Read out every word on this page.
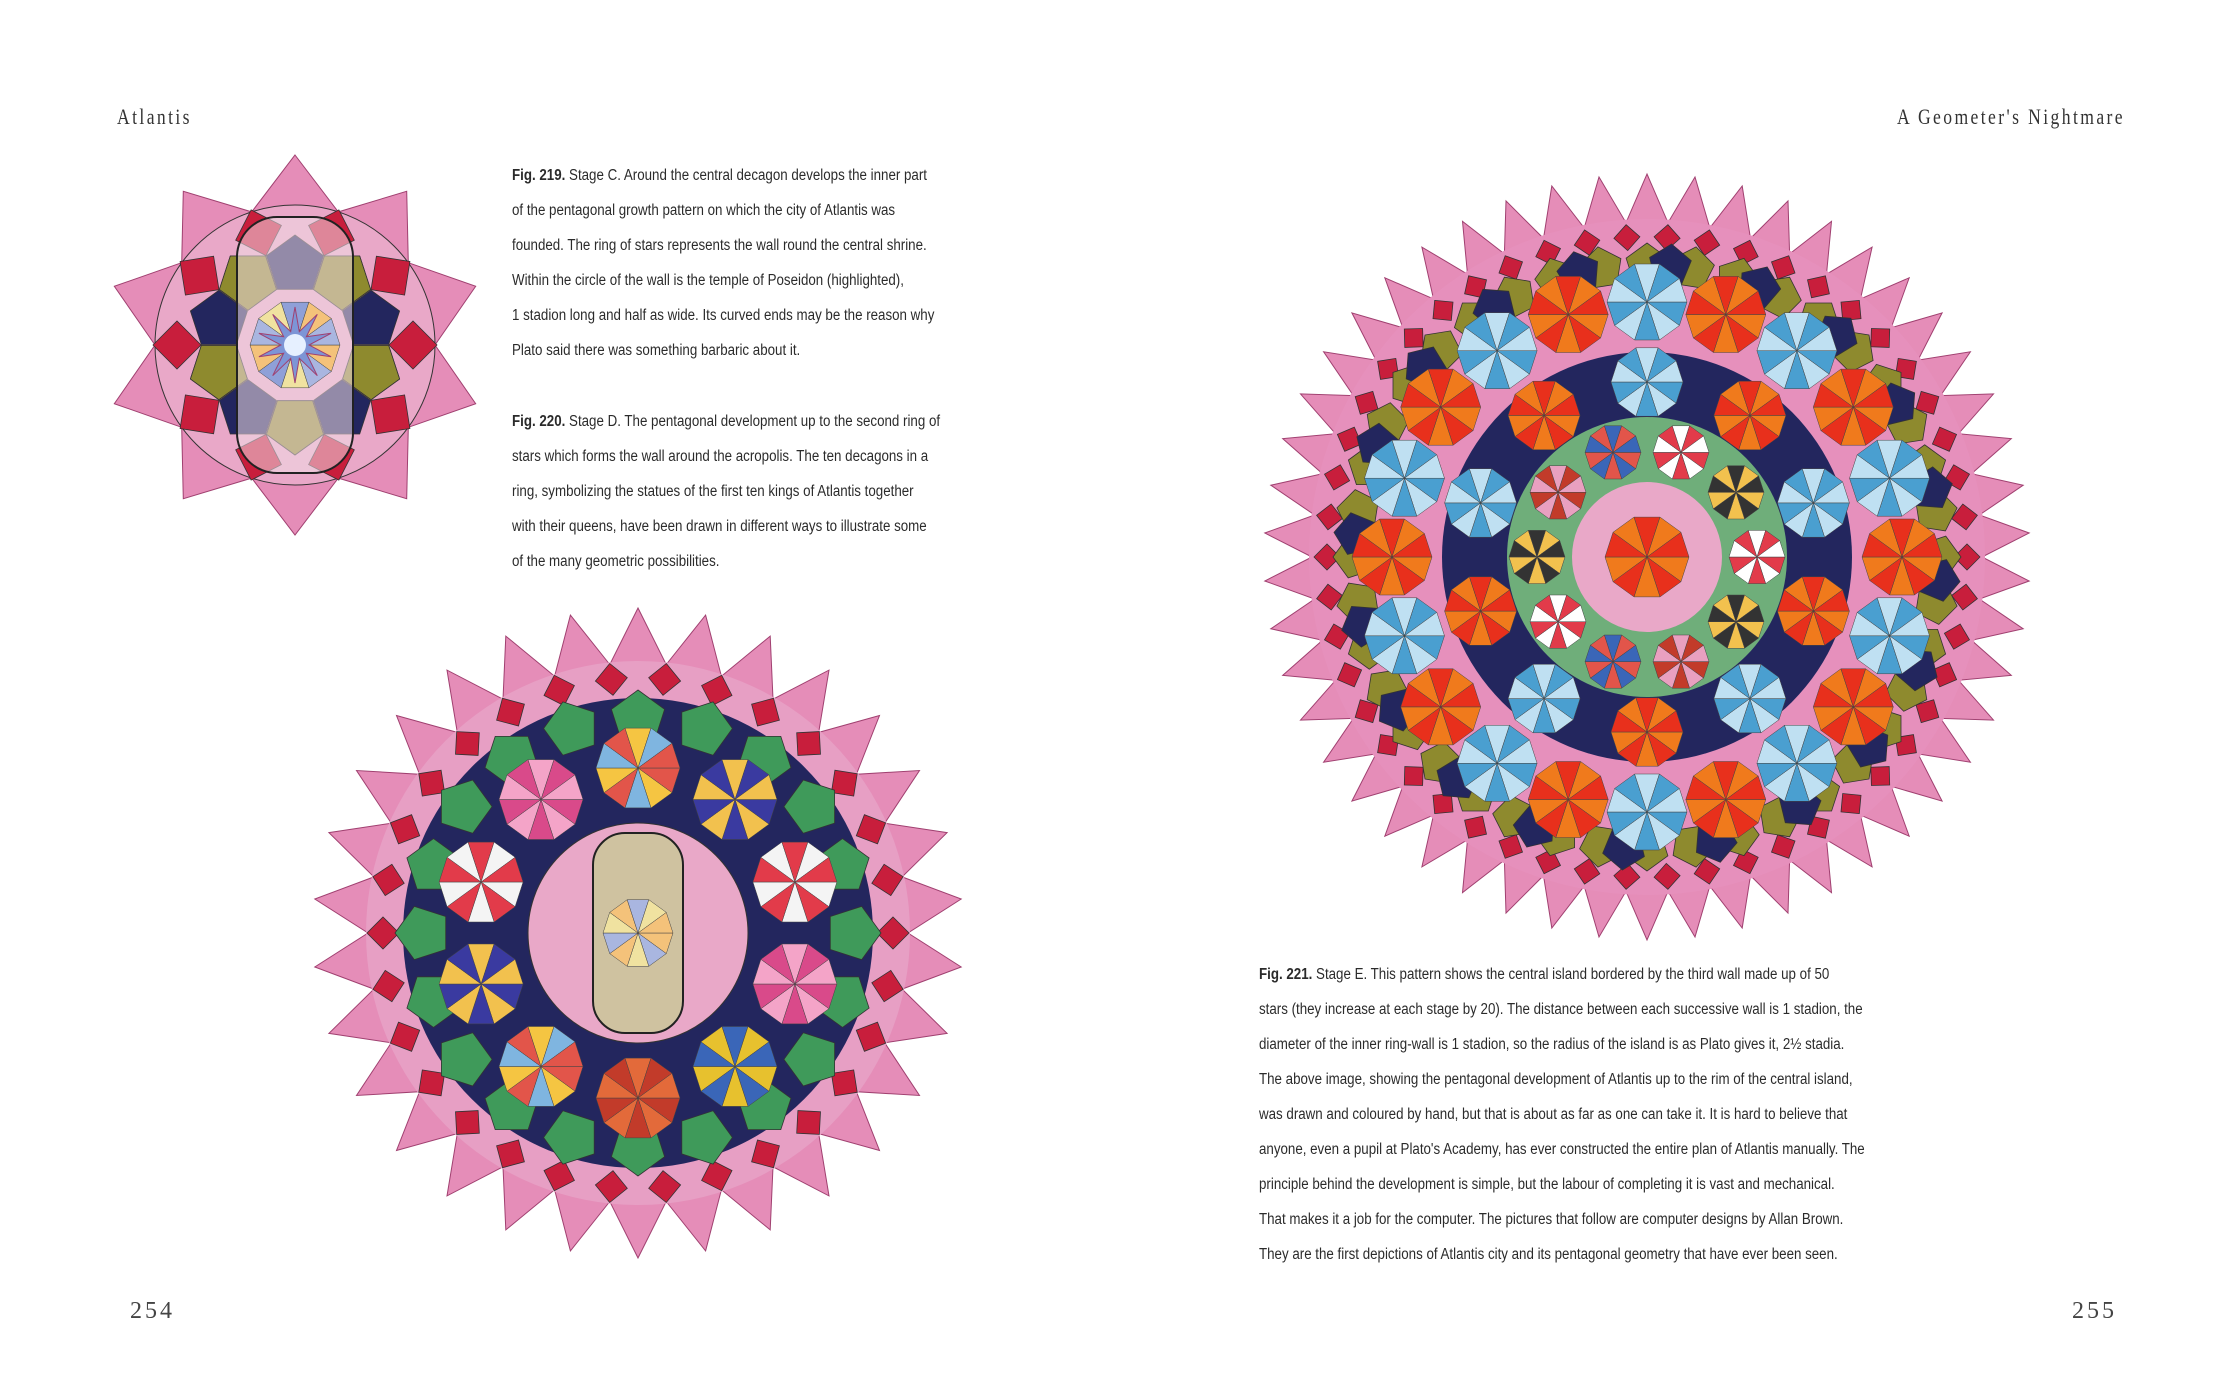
Atlantis	A Geometer's Nightmare

Fig. 219. Stage C. Around the central decagon develops the inner part

of the pentagonal growth pattern on which the city of Atlantis was

founded. The ring of stars represents the wall round the central shrine.

Within the circle of the wall is the temple of Poseidon (highlighted),

1 stadion long and half as wide. Its curved ends may be the reason why

Plato said there was something barbaric about it.

Fig. 220. Stage D. The pentagonal development up to the second ring of

stars which forms the wall around the acropolis. The ten decagons in a

ring, symbolizing the statues of the first ten kings of Atlantis together

with their queens, have been drawn in different ways to illustrate some

of the many geometric possibilities.

Fig. 221. Stage E. This pattern shows the central island bordered by the third wall made up of 50

stars (they increase at each stage by 20). The distance between each successive wall is 1 stadion, the

diameter of the inner ring-wall is 1 stadion, so the radius of the island is as Plato gives it, 2½ stadia.

The above image, showing the pentagonal development of Atlantis up to the rim of the central island,

was drawn and coloured by hand, but that is about as far as one can take it. It is hard to believe that

anyone, even a pupil at Plato's Academy, has ever constructed the entire plan of Atlantis manually. The

principle behind the development is simple, but the labour of completing it is vast and mechanical.

That makes it a job for the computer. The pictures that follow are computer designs by Allan Brown.

They are the first depictions of Atlantis city and its pentagonal geometry that have ever been seen.

254	255
